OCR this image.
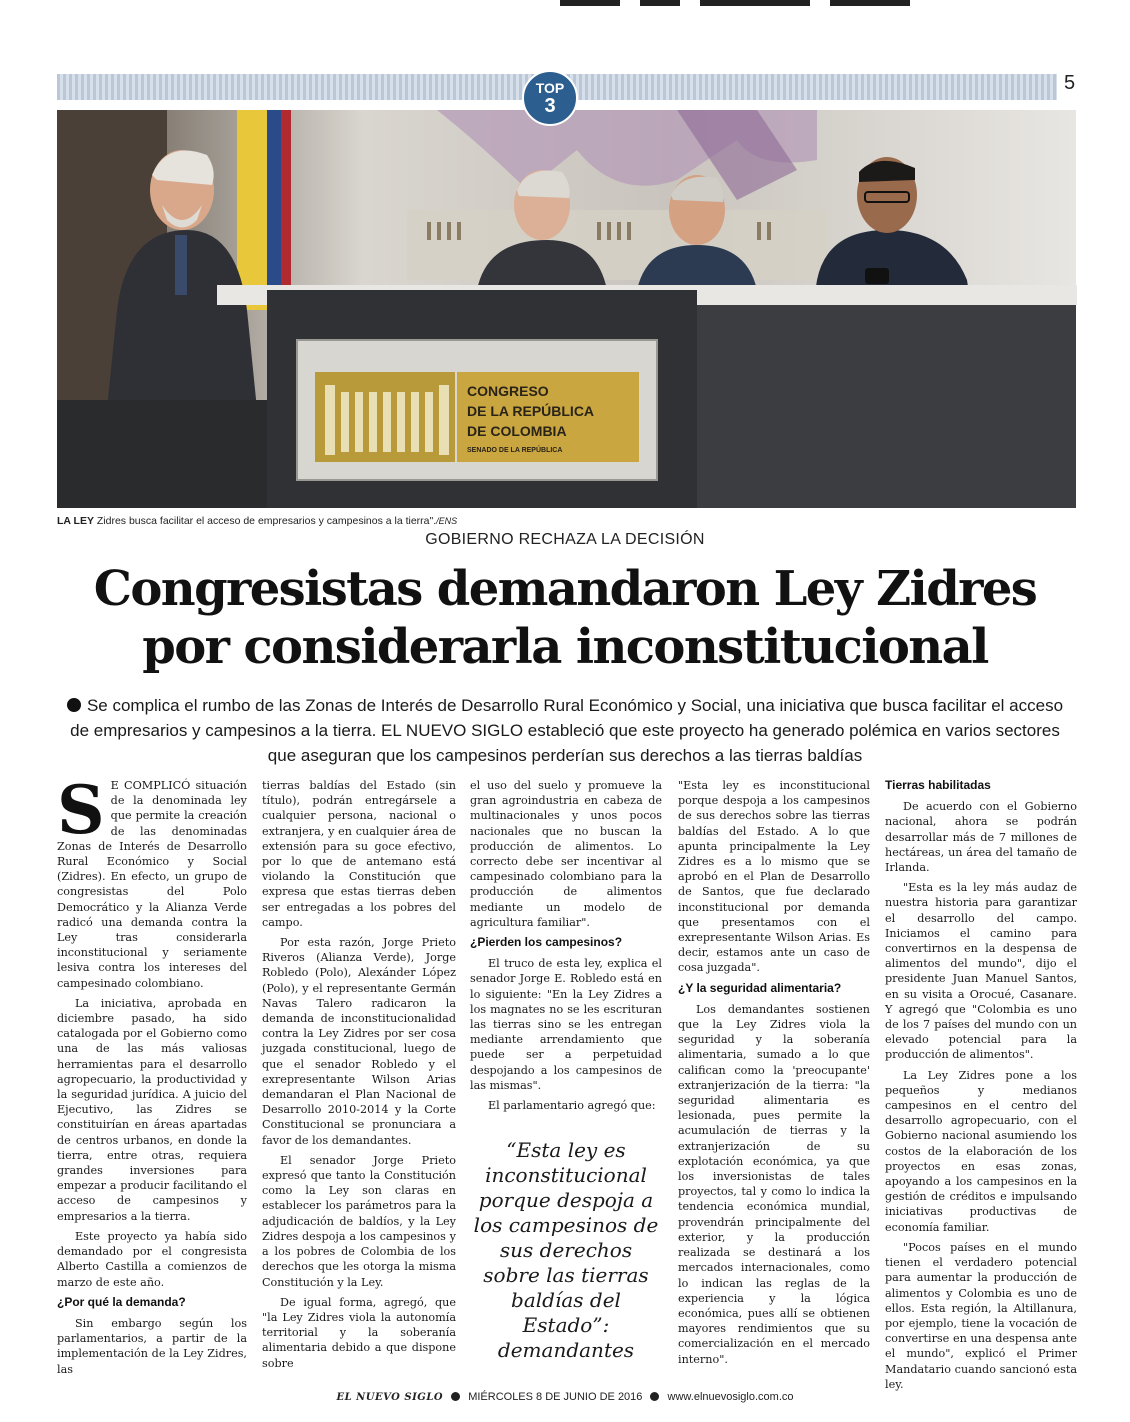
5
TOP
3
CONGRESO
DE LA REPÚBLICA
DE COLOMBIA
SENADO DE LA REPÚBLICA
LA LEY Zidres busca facilitar el acceso de empresarios y campesinos a la tierra"./ENS
GOBIERNO RECHAZA LA DECISIÓN
Congresistas demandaron Ley Zidres
por considerarla inconstitucional
Se complica el rumbo de las Zonas de Interés de Desarrollo Rural Económico y Social, una iniciativa que busca facilitar el acceso de empresarios y campesinos a la tierra. EL NUEVO SIGLO estableció que este proyecto ha generado polémica en varios sectores que aseguran que los campesinos perderían sus derechos a las tierras baldías

S E COMPLICÓ situación de la denominada ley que permite la creación de las denominadas Zonas de Interés de Desarrollo Rural Económico y Social (Zidres). En efecto, un grupo de congresistas del Polo Democrático y la Alianza Verde radicó una demanda contra la Ley tras considerarla inconstitucional y seriamente lesiva contra los intereses del campesinado colombiano.

La iniciativa, aprobada en diciembre pasado, ha sido catalogada por el Gobierno como una de las más valiosas herramientas para el desarrollo agropecuario, la productividad y la seguridad jurídica. A juicio del Ejecutivo, las Zidres se constituirían en áreas apartadas de centros urbanos, en donde la tierra, entre otras, requiera grandes inversiones para empezar a producir facilitando el acceso de campesinos y empresarios a la tierra.

Este proyecto ya había sido demandado por el congresista Alberto Castilla a comienzos de marzo de este año.

¿Por qué la demanda?

Sin embargo según los parlamentarios, a partir de la implementación de la Ley Zidres, las

tierras baldías del Estado (sin título), podrán entregársele a cualquier persona, nacional o extranjera, y en cualquier área de extensión para su goce efectivo, por lo que de antemano está violando la Constitución que expresa que estas tierras deben ser entregadas a los pobres del campo.

Por esta razón, Jorge Prieto Riveros (Alianza Verde), Jorge Robledo (Polo), Alexánder López (Polo), y el representante Germán Navas Talero radicaron la demanda de inconstitucionalidad contra la Ley Zidres por ser cosa juzgada constitucional, luego de que el senador Robledo y el exrepresentante Wilson Arias demandaran el Plan Nacional de Desarrollo 2010-2014 y la Corte Constitucional se pronunciara a favor de los demandantes.

El senador Jorge Prieto expresó que tanto la Constitución como la Ley son claras en establecer los parámetros para la adjudicación de baldíos, y la Ley Zidres despoja a los campesinos y a los pobres de Colombia de los derechos que les otorga la misma Constitución y la Ley.

De igual forma, agregó, que "la Ley Zidres viola la autonomía territorial y la soberanía alimentaria debido a que dispone sobre

el uso del suelo y promueve la gran agroindustria en cabeza de multinacionales y unos pocos nacionales que no buscan la producción de alimentos. Lo correcto debe ser incentivar al campesinado colombiano para la producción de alimentos mediante un modelo de agricultura familiar".

¿Pierden los campesinos?

El truco de esta ley, explica el senador Jorge E. Robledo está en lo siguiente: "En la Ley Zidres a los magnates no se les escrituran las tierras sino se les entregan mediante arrendamiento que puede ser a perpetuidad despojando a los campesinos de las mismas".

El parlamentario agregó que:

“Esta ley es inconstitucional porque despoja a los campesinos de sus derechos sobre las tierras baldías del Estado”: demandantes

"Esta ley es inconstitucional porque despoja a los campesinos de sus derechos sobre las tierras baldías del Estado. A lo que apunta principalmente la Ley Zidres es a lo mismo que se aprobó en el Plan de Desarrollo de Santos, que fue declarado inconstitucional por demanda que presentamos con el exrepresentante Wilson Arias. Es decir, estamos ante un caso de cosa juzgada".

¿Y la seguridad alimentaria?

Los demandantes sostienen que la Ley Zidres viola la seguridad y la soberanía alimentaria, sumado a lo que califican como la 'preocupante' extranjerización de la tierra: "la seguridad alimentaria es lesionada, pues permite la acumulación de tierras y la extranjerización de su explotación económica, ya que los inversionistas de tales proyectos, tal y como lo indica la tendencia económica mundial, provendrán principalmente del exterior, y la producción realizada se destinará a los mercados internacionales, como lo indican las reglas de la experiencia y la lógica económica, pues allí se obtienen mayores rendimientos que su comercialización en el mercado interno".

Tierras habilitadas

De acuerdo con el Gobierno nacional, ahora se podrán desarrollar más de 7 millones de hectáreas, un área del tamaño de Irlanda.

"Esta es la ley más audaz de nuestra historia para garantizar el desarrollo del campo. Iniciamos el camino para convertirnos en la despensa de alimentos del mundo", dijo el presidente Juan Manuel Santos, en su visita a Orocué, Casanare. Y agregó que "Colombia es uno de los 7 países del mundo con un elevado potencial para la producción de alimentos".

La Ley Zidres pone a los pequeños y medianos campesinos en el centro del desarrollo agropecuario, con el Gobierno nacional asumiendo los costos de la elaboración de los proyectos en esas zonas, apoyando a los campesinos en la gestión de créditos e impulsando iniciativas productivas de economía familiar.

"Pocos países en el mundo tienen el verdadero potencial para aumentar la producción de alimentos y Colombia es uno de ellos. Esta región, la Altillanura, por ejemplo, tiene la vocación de convertirse en una despensa ante el mundo", explicó el Primer Mandatario cuando sancionó esta ley.

EL NUEVO SIGLO MIÉRCOLES 8 DE JUNIO DE 2016 www.elnuevosiglo.com.co
